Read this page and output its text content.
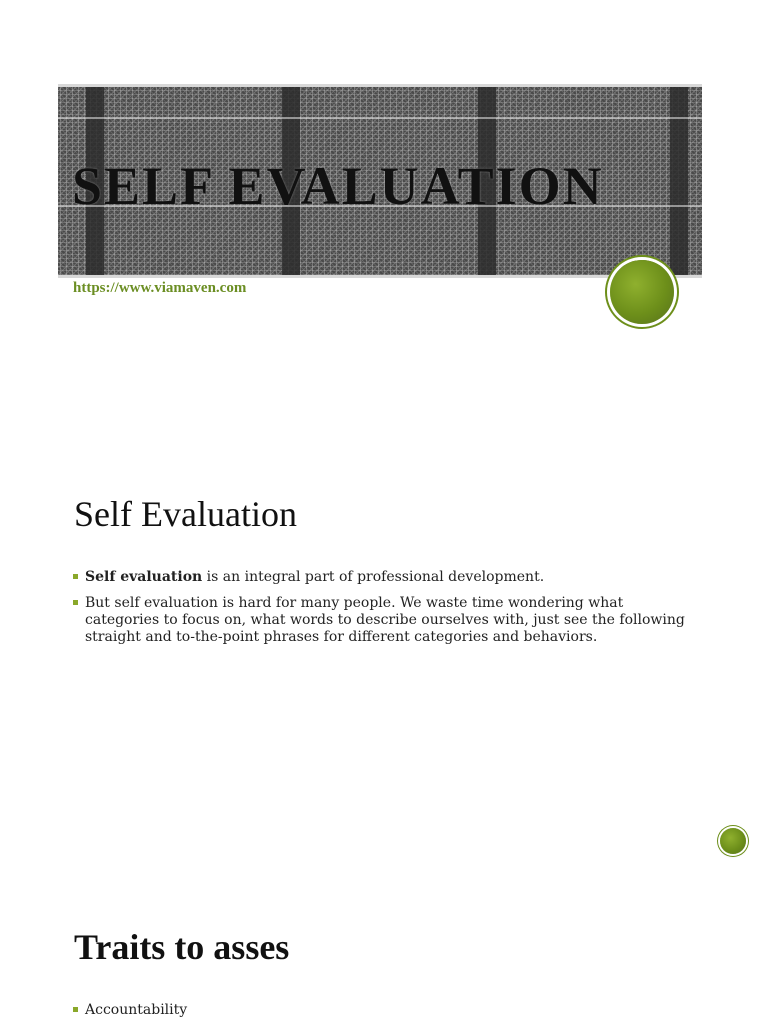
SELF EVALUATION
https://www.viamaven.com
Self Evaluation
Self evaluation is an integral part of professional development.
But self evaluation is hard for many people. We waste time wondering what categories to focus on, what words to describe ourselves with, just see the following straight and to-the-point phrases for different categories and behaviors.
Traits to asses
Accountability
